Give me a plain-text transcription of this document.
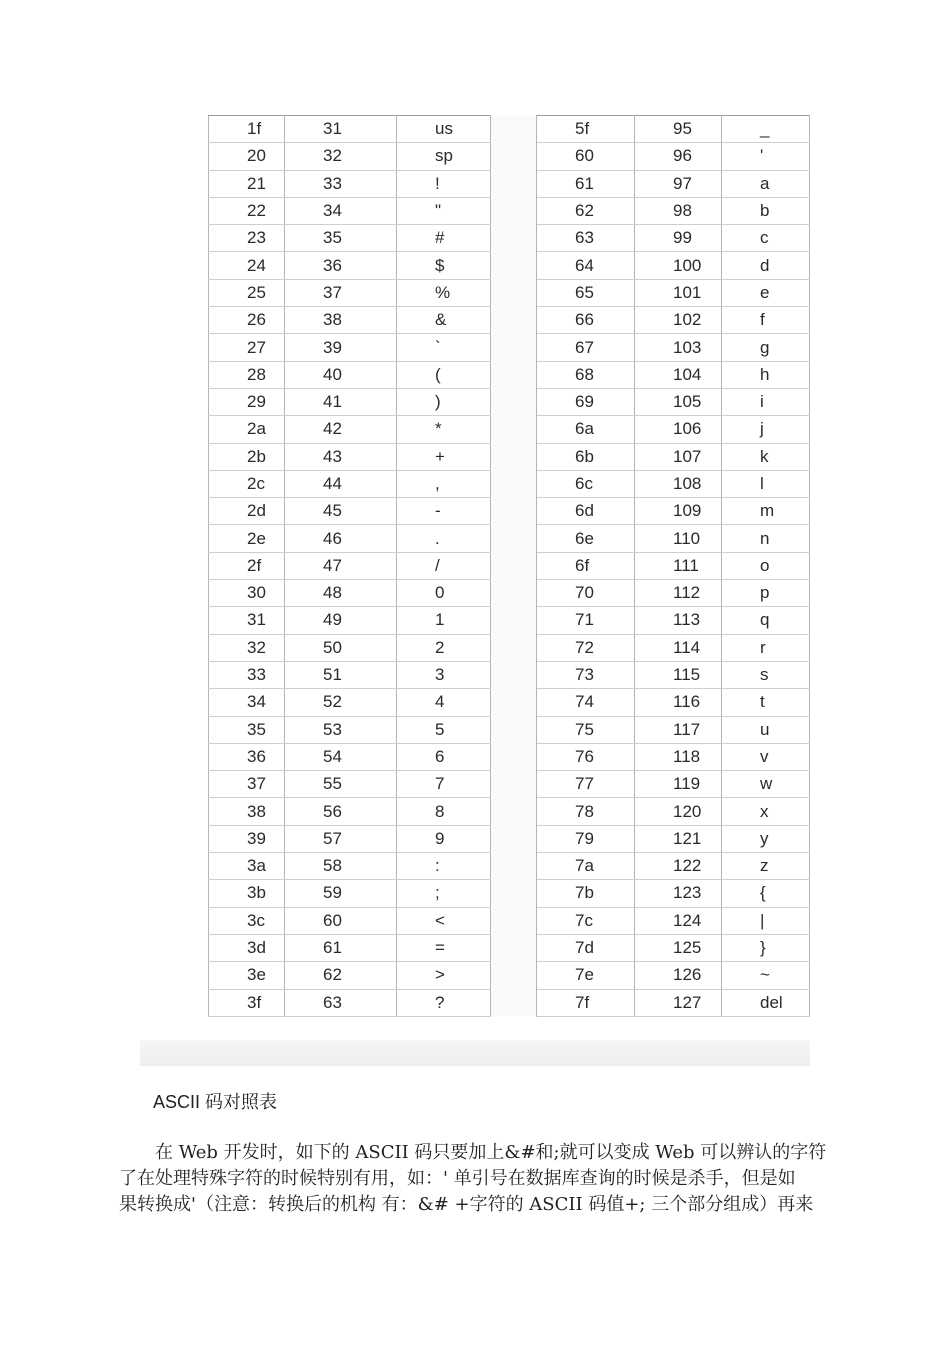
1f	31	us		5f	95	_
20	32	sp		60	96	'
21	33	!		61	97	a
22	34	"		62	98	b
23	35	#		63	99	c
24	36	$		64	100	d
25	37	%		65	101	e
26	38	&		66	102	f
27	39	`		67	103	g
28	40	(		68	104	h
29	41	)		69	105	i
2a	42	*		6a	106	j
2b	43	+		6b	107	k
2c	44	,		6c	108	l
2d	45	-		6d	109	m
2e	46	.		6e	110	n
2f	47	/		6f	111	o
30	48	0		70	112	p
31	49	1		71	113	q
32	50	2		72	114	r
33	51	3		73	115	s
34	52	4		74	116	t
35	53	5		75	117	u
36	54	6		76	118	v
37	55	7		77	119	w
38	56	8		78	120	x
39	57	9		79	121	y
3a	58	:		7a	122	z
3b	59	;		7b	123	{
3c	60	<		7c	124	|
3d	61	=		7d	125	}
3e	62	>		7e	126	~
3f	63	?		7f	127	del
ASCII 码对照表

在 Web 开发时，如下的 ASCII 码只要加上&#和;就可以变成 Web 可以辨认的字符
了在处理特殊字符的时候特别有用，如：' 单引号在数据库查询的时候是杀手，但是如
果转换成'（注意：转换后的机构 有：&# +字符的 ASCII 码值+; 三个部分组成）再来
